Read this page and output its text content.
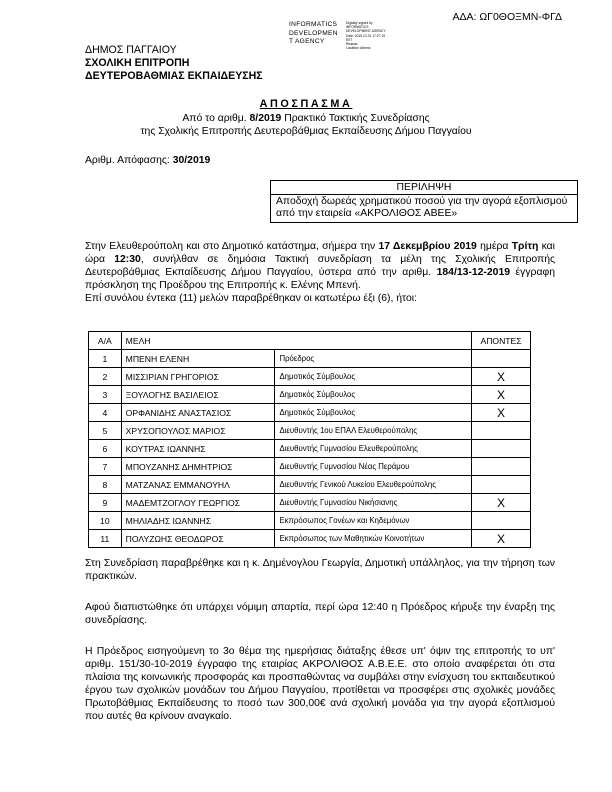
ΑΔΑ: ΩΓ0ΘΟΞΜΝ-ΦΓΔ
INFORMATICS
DEVELOPMEN
T AGENCY
Digitally signed by
INFORMATICS
DEVELOPMENT AGENCY
Date: 2019.12.31 17:27:15
EET
Reason:
Location: Athens
ΔΗΜΟΣ ΠΑΓΓΑΙΟΥ
ΣΧΟΛΙΚΗ ΕΠΙΤΡΟΠΗ
ΔΕΥΤΕΡΟΒΑΘΜΙΑΣ ΕΚΠΑΙΔΕΥΣΗΣ
ΑΠΟΣΠΑΣΜΑ
Από το αριθμ. 8/2019 Πρακτικό Τακτικής Συνεδρίασης
της Σχολικής Επιτροπής Δευτεροβάθμιας Εκπαίδευσης Δήμου Παγγαίου
Αριθμ. Απόφασης: 30/2019
ΠΕΡΙΛΗΨΗ
Αποδοχή δωρεάς χρηματικού ποσού για την αγορά εξοπλισμού από την εταιρεία «ΑΚΡΟΛΙΘΟΣ ΑΒΕΕ»

Στην Ελευθερούπολη και στο Δημοτικό κατάστημα, σήμερα την 17 Δεκεμβρίου 2019 ημέρα Τρίτη και ώρα 12:30, συνήλθαν σε δημόσια Τακτική συνεδρίαση τα μέλη της Σχολικής Επιτροπής Δευτεροβάθμιας Εκπαίδευσης Δήμου Παγγαίου, ύστερα από την αριθμ. 184/13-12-2019 έγγραφη πρόσκληση της Προέδρου της Επιτροπής κ. Ελένης Μπενή.

Επί συνόλου έντεκα (11) μελών παραβρέθηκαν οι κατωτέρω έξι (6), ήτοι:

Α/Α	ΜΕΛΗ		ΑΠΟΝΤΕΣ
1	ΜΠΕΝΗ ΕΛΕΝΗ	Πρόεδρος	
2	ΜΙΣΣΙΡΙΑΝ ΓΡΗΓΟΡΙΟΣ	Δημοτικός Σύμβουλος	Χ
3	ΞΟΥΛΟΓΗΣ ΒΑΣΙΛΕΙΟΣ	Δημοτικός Σύμβουλος	Χ
4	ΟΡΦΑΝΙΔΗΣ ΑΝΑΣΤΑΣΙΟΣ	Δημοτικός Σύμβουλος	Χ
5	ΧΡΥΣΟΠΟΥΛΟΣ ΜΑΡΙΟΣ	Διευθυντής 1ου ΕΠΑΛ Ελευθερούπολης	
6	ΚΟΥΤΡΑΣ ΙΩΑΝΝΗΣ	Διευθυντής Γυμνασίου Ελευθερούπολης	
7	ΜΠΟΥΖΑΝΗΣ ΔΗΜΗΤΡΙΟΣ	Διευθυντής Γυμνασίου Νέας Περάμου	
8	ΜΑΤΖΑΝΑΣ ΕΜΜΑΝΟΥΗΛ	Διευθυντής Γενικού Λυκείου Ελευθερούπολης	
9	ΜΑΔΕΜΤΖΟΓΛΟΥ ΓΕΩΡΓΙΟΣ	Διευθυντής Γυμνασίου Νικήσιανης	Χ
10	ΜΗΛΙΑΔΗΣ ΙΩΑΝΝΗΣ	Εκπρόσωπος Γονέων και Κηδεμόνων	
11	ΠΟΛΥΖΩΗΣ ΘΕΟΔΩΡΟΣ	Εκπρόσωπος των Μαθητικών Κοινοτήτων	Χ
Στη Συνεδρίαση παραβρέθηκε και η κ. Δημένογλου Γεωργία, Δημοτική υπάλληλος, για την τήρηση των πρακτικών.
Αφού διαπιστώθηκε ότι υπάρχει νόμιμη απαρτία, περί ώρα 12:40 η Πρόεδρος κήρυξε την έναρξη της συνεδρίασης.
Η Πρόεδρος εισηγούμενη το 3ο θέμα της ημερήσιας διάταξης έθεσε υπ' όψιν της επιτροπής το υπ' αριθμ. 151/30-10-2019 έγγραφο της εταιρίας ΑΚΡΟΛΙΘΟΣ Α.Β.Ε.Ε. στο οποίο αναφέρεται ότι στα πλαίσια της κοινωνικής προσφοράς και προσπαθώντας να συμβάλει στην ενίσχυση του εκπαιδευτικού έργου των σχολικών μονάδων του Δήμου Παγγαίου, προτίθεται να προσφέρει στις σχολικές μονάδες Πρωτοβάθμιας Εκπαίδευσης το ποσό των 300,00€ ανά σχολική μονάδα για την αγορά εξοπλισμού που αυτές θα κρίνουν αναγκαίο.
